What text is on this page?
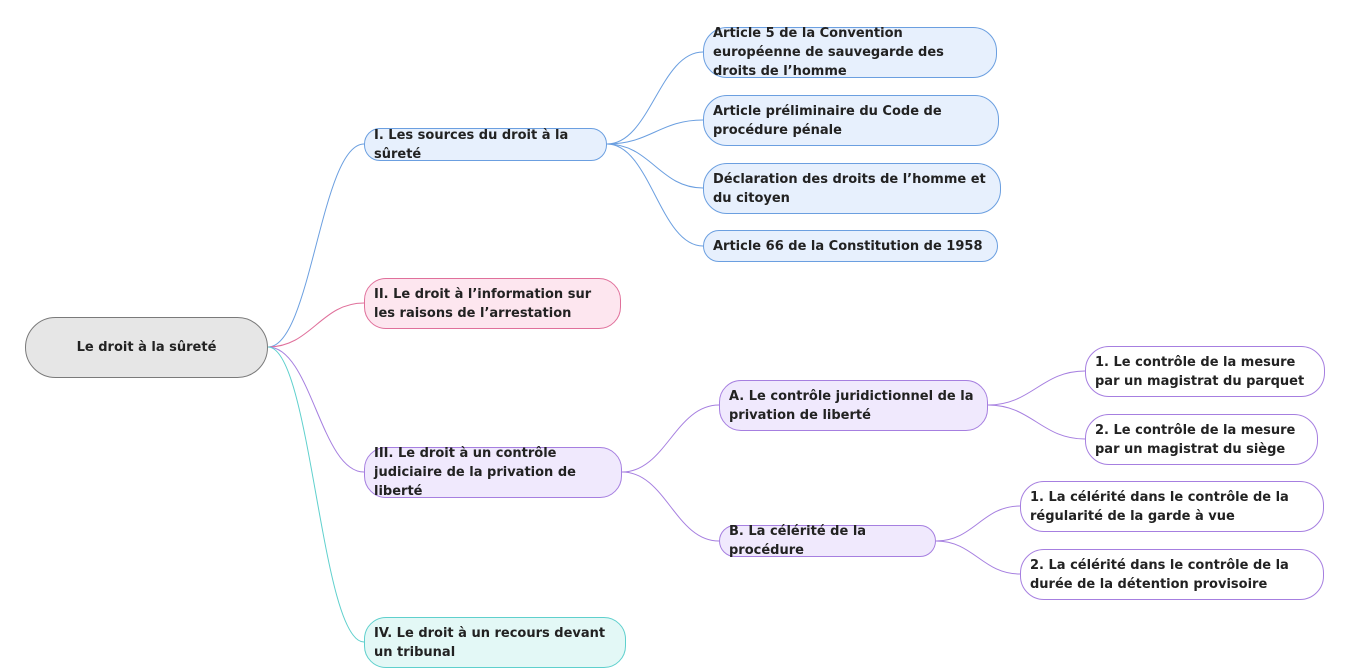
Le droit à la sûreté
I. Les sources du droit à la sûreté
Article 5 de la Convention européenne de sauvegarde des droits de l’homme
Article préliminaire du Code de procédure pénale
Déclaration des droits de l’homme et du citoyen
Article 66 de la Constitution de 1958
II. Le droit à l’information sur les raisons de l’arrestation
III. Le droit à un contrôle judiciaire de la privation de liberté
A. Le contrôle juridictionnel de la privation de liberté
1. Le contrôle de la mesure par un magistrat du parquet
2. Le contrôle de la mesure par un magistrat du siège
B. La célérité de la procédure
1. La célérité dans le contrôle de la régularité de la garde à vue
2. La célérité dans le contrôle de la durée de la détention provisoire
IV. Le droit à un recours devant un tribunal
